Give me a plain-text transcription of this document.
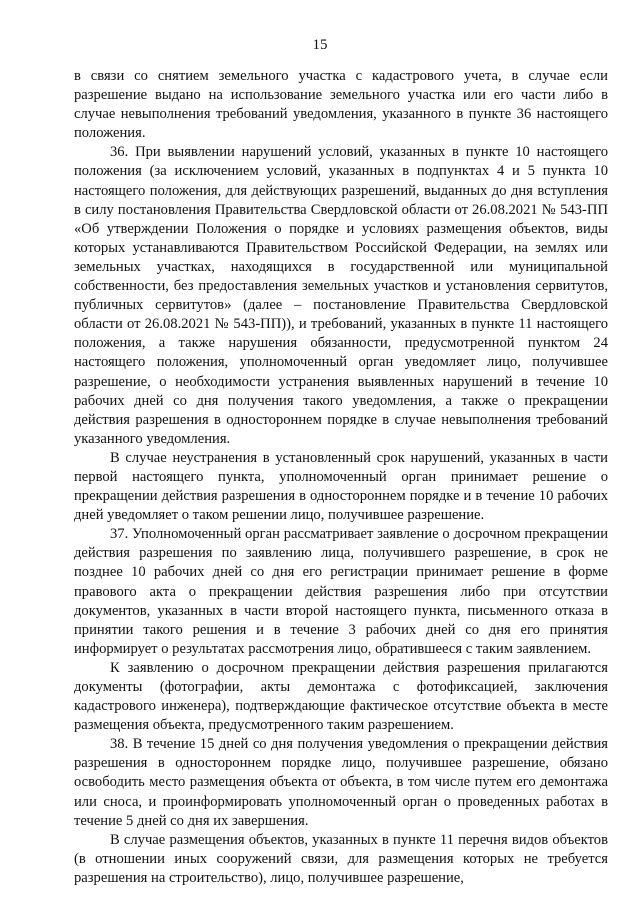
15

в связи со снятием земельного участка с кадастрового учета, в случае если разрешение выдано на использование земельного участка или его части либо в случае невыполнения требований уведомления, указанного в пункте 36 настоящего положения.

36. При выявлении нарушений условий, указанных в пункте 10 настоящего положения (за исключением условий, указанных в подпунктах 4 и 5 пункта 10 настоящего положения, для действующих разрешений, выданных до дня вступления в силу постановления Правительства Свердловской области от 26.08.2021 № 543-ПП «Об утверждении Положения о порядке и условиях размещения объектов, виды которых устанавливаются Правительством Российской Федерации, на землях или земельных участках, находящихся в государственной или муниципальной собственности, без предоставления земельных участков и установления сервитутов, публичных сервитутов» (далее – постановление Правительства Свердловской области от 26.08.2021 № 543-ПП)), и требований, указанных в пункте 11 настоящего положения, а также нарушения обязанности, предусмотренной пунктом 24 настоящего положения, уполномоченный орган уведомляет лицо, получившее разрешение, о необходимости устранения выявленных нарушений в течение 10 рабочих дней со дня получения такого уведомления, а также о прекращении действия разрешения в одностороннем порядке в случае невыполнения требований указанного уведомления.

В случае неустранения в установленный срок нарушений, указанных в части первой настоящего пункта, уполномоченный орган принимает решение о прекращении действия разрешения в одностороннем порядке и в течение 10 рабочих дней уведомляет о таком решении лицо, получившее разрешение.

37. Уполномоченный орган рассматривает заявление о досрочном прекращении действия разрешения по заявлению лица, получившего разрешение, в срок не позднее 10 рабочих дней со дня его регистрации принимает решение в форме правового акта о прекращении действия разрешения либо при отсутствии документов, указанных в части второй настоящего пункта, письменного отказа в принятии такого решения и в течение 3 рабочих дней со дня его принятия информирует о результатах рассмотрения лицо, обратившееся с таким заявлением.

К заявлению о досрочном прекращении действия разрешения прилагаются документы (фотографии, акты демонтажа с фотофиксацией, заключения кадастрового инженера), подтверждающие фактическое отсутствие объекта в месте размещения объекта, предусмотренного таким разрешением.

38. В течение 15 дней со дня получения уведомления о прекращении действия разрешения в одностороннем порядке лицо, получившее разрешение, обязано освободить место размещения объекта от объекта, в том числе путем его демонтажа или сноса, и проинформировать уполномоченный орган о проведенных работах в течение 5 дней со дня их завершения.

В случае размещения объектов, указанных в пункте 11 перечня видов объектов (в отношении иных сооружений связи, для размещения которых не требуется разрешения на строительство), лицо, получившее разрешение,
